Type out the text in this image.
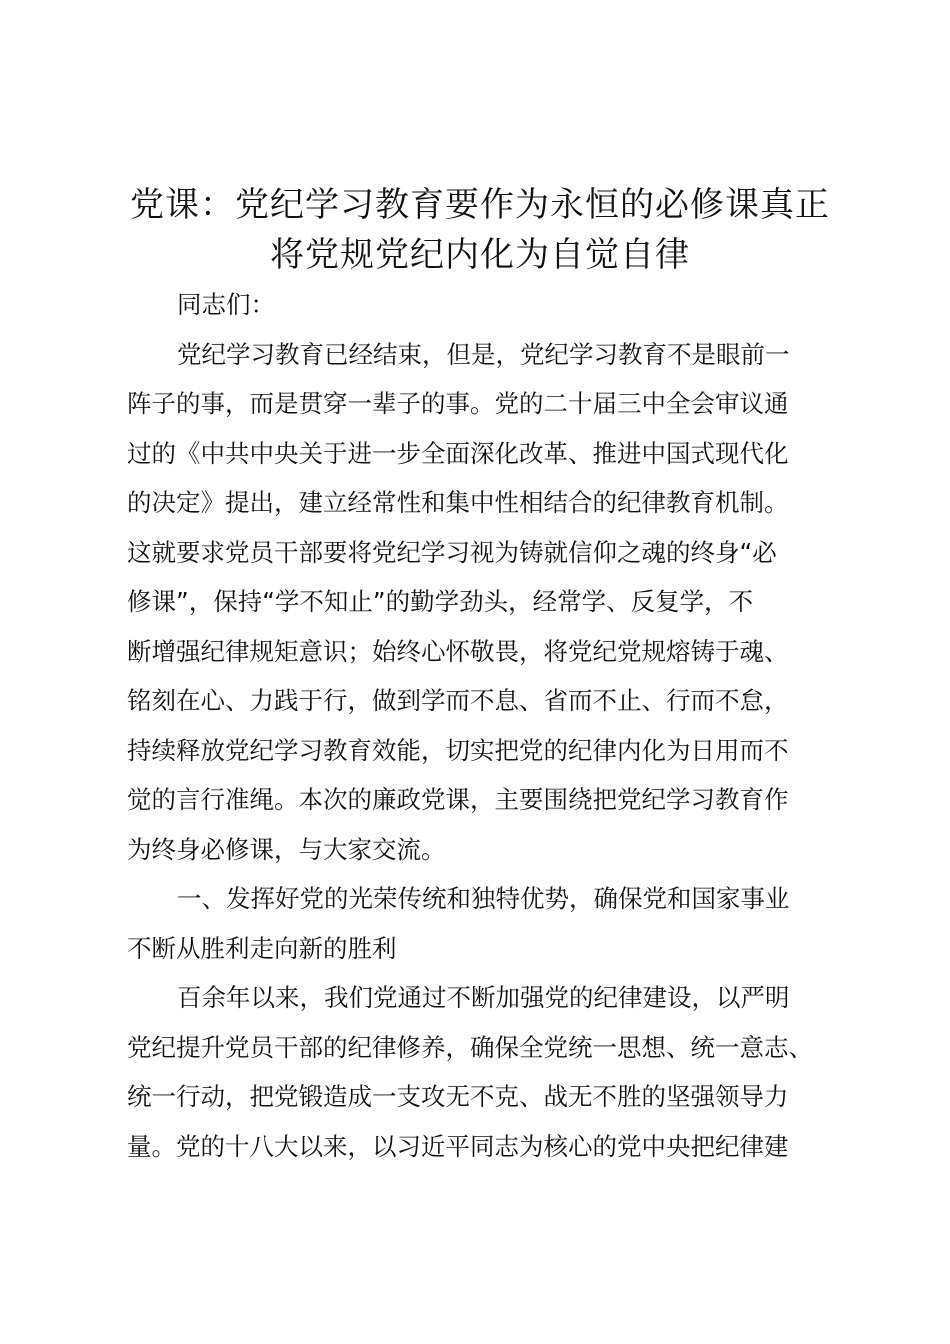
党课：党纪学习教育要作为永恒的必修课真正
将党规党纪内化为自觉自律

同志们：

党纪学习教育已经结束，但是，党纪学习教育不是眼前一
阵子的事，而是贯穿一辈子的事。党的二十届三中全会审议通
过的《中共中央关于进一步全面深化改革、推进中国式现代化
的决定》提出，建立经常性和集中性相结合的纪律教育机制。
这就要求党员干部要将党纪学习视为铸就信仰之魂的终身“必
修课”，保持“学不知止”的勤学劲头，经常学、反复学，不
断增强纪律规矩意识；始终心怀敬畏，将党纪党规熔铸于魂、
铭刻在心、力践于行，做到学而不息、省而不止、行而不怠，
持续释放党纪学习教育效能，切实把党的纪律内化为日用而不
觉的言行准绳。本次的廉政党课，主要围绕把党纪学习教育作
为终身必修课，与大家交流。

一、发挥好党的光荣传统和独特优势，确保党和国家事业
不断从胜利走向新的胜利

百余年以来，我们党通过不断加强党的纪律建设，以严明
党纪提升党员干部的纪律修养，确保全党统一思想、统一意志、
统一行动，把党锻造成一支攻无不克、战无不胜的坚强领导力
量。党的十八大以来，以习近平同志为核心的党中央把纪律建
